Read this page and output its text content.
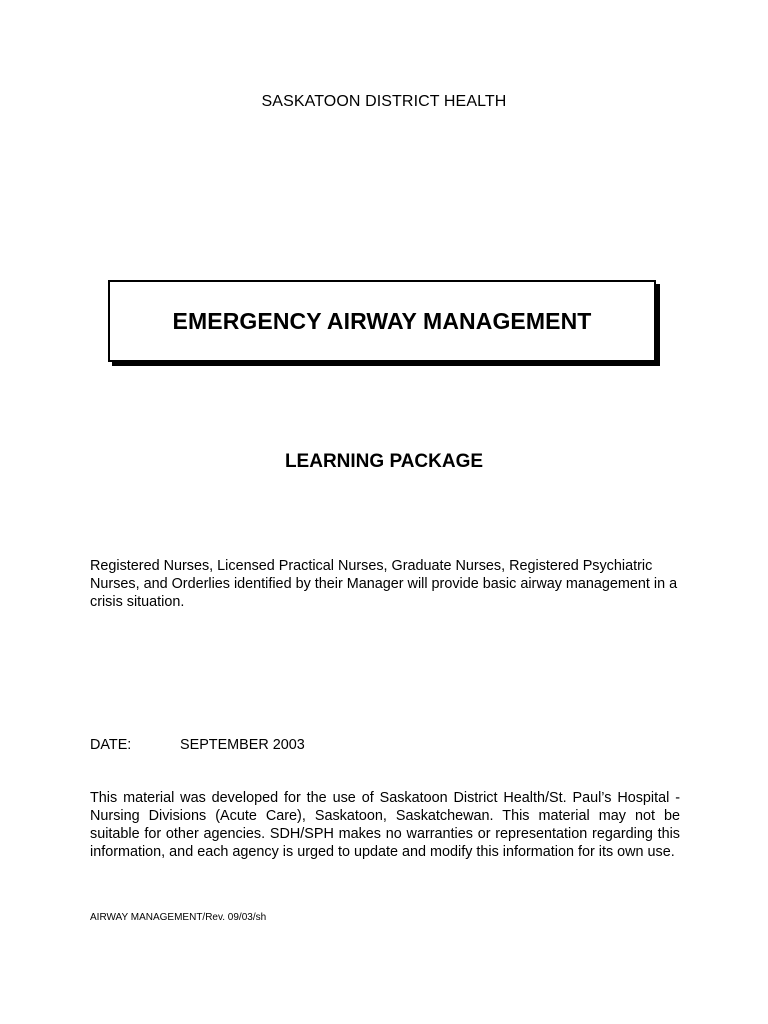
SASKATOON DISTRICT HEALTH
EMERGENCY AIRWAY MANAGEMENT
LEARNING PACKAGE
Registered Nurses, Licensed Practical Nurses, Graduate Nurses, Registered Psychiatric Nurses, and Orderlies identified by their Manager will provide basic airway management in a crisis situation.
DATE:	SEPTEMBER 2003
This material was developed for the use of Saskatoon District Health/St. Paul’s Hospital - Nursing Divisions (Acute Care), Saskatoon, Saskatchewan. This material may not be suitable for other agencies. SDH/SPH makes no warranties or representation regarding this information, and each agency is urged to update and modify this information for its own use.
AIRWAY MANAGEMENT/Rev. 09/03/sh
